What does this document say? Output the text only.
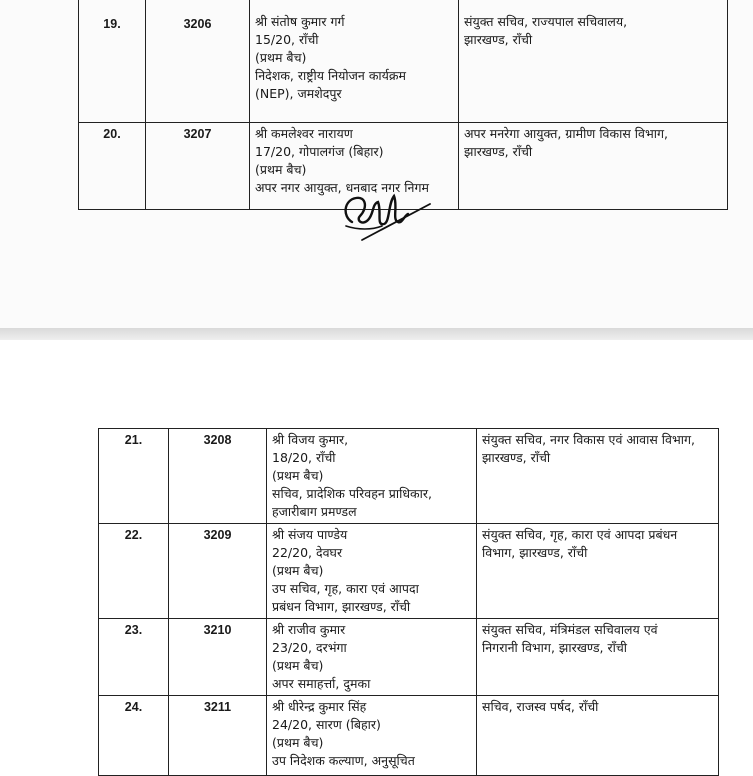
19.	3206	श्री संतोष कुमार गर्ग
15/20, राँची
(प्रथम बैच)
निदेशक, राष्ट्रीय नियोजन कार्यक्रम
(NEP), जमशेदपुर	संयुक्त सचिव, राज्यपाल सचिवालय,
झारखण्ड, राँची

20.	3207	श्री कमलेश्वर नारायण
17/20, गोपालगंज (बिहार)
(प्रथम बैच)
अपर नगर आयुक्त, धनबाद नगर निगम	अपर मनरेगा आयुक्त, ग्रामीण विकास विभाग,
झारखण्ड, राँची
21.	3208	श्री विजय कुमार,
18/20, राँची
(प्रथम बैच)
सचिव, प्रादेशिक परिवहन प्राधिकार,
हजारीबाग प्रमण्डल	संयुक्त सचिव, नगर विकास एवं आवास विभाग,
झारखण्ड, राँची

22.	3209	श्री संजय पाण्डेय
22/20, देवघर
(प्रथम बैच)
उप सचिव, गृह, कारा एवं आपदा
प्रबंधन विभाग, झारखण्ड, राँची	संयुक्त सचिव, गृह, कारा एवं आपदा प्रबंधन
विभाग, झारखण्ड, राँची

23.	3210	श्री राजीव कुमार
23/20, दरभंगा
(प्रथम बैच)
अपर समाहर्त्ता, दुमका	संयुक्त सचिव, मंत्रिमंडल सचिवालय एवं
निगरानी विभाग, झारखण्ड, राँची

24.	3211	श्री धीरेन्द्र कुमार सिंह
24/20, सारण (बिहार)
(प्रथम बैच)
उप निदेशक कल्याण, अनुसूचित	सचिव, राजस्व पर्षद, राँची
